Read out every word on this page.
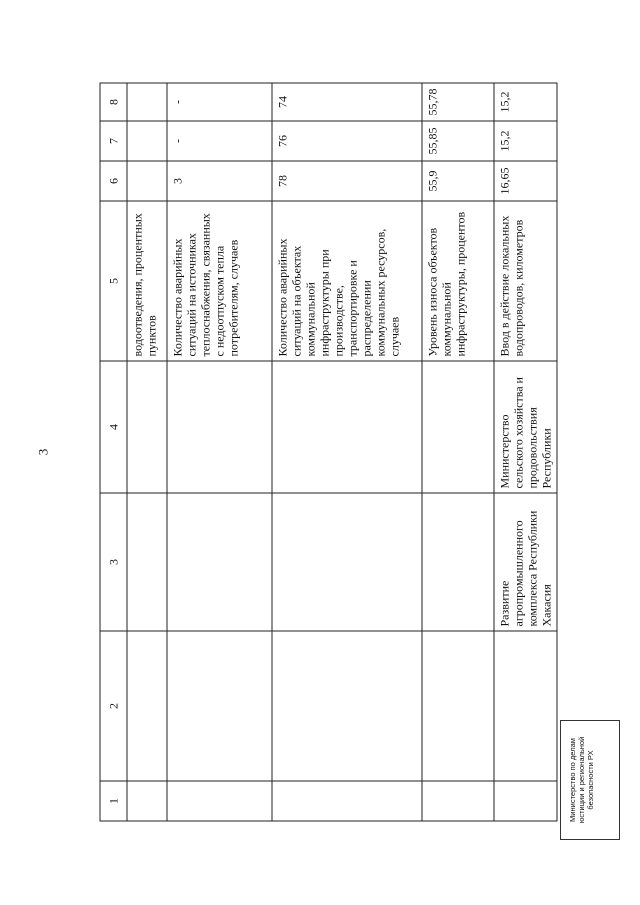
3
1	2	3	4	5	6	7	8
				водоотведения, процентных пунктов			
				Количество аварийных ситуаций на источниках теплоснабжения, связанных с недоотпуском тепла потребителям, случаев	3	-	-
				Количество аварийных ситуаций на объектах коммунальной инфраструктуры при производстве, транспортировке и распределении коммунальных ресурсов, случаев	78	76	74
				Уровень износа объектов коммунальной инфраструктуры, процентов	55,9	55,85	55,78
		Развитие агропромышленного комплекса Республики Хакасия	Министерство сельского хозяйства и продовольствия Республики	Ввод в действие локальных водопроводов, километров	16,65	15,2	15,2
Министерство по делам юстиции и региональной безопасности РХ
